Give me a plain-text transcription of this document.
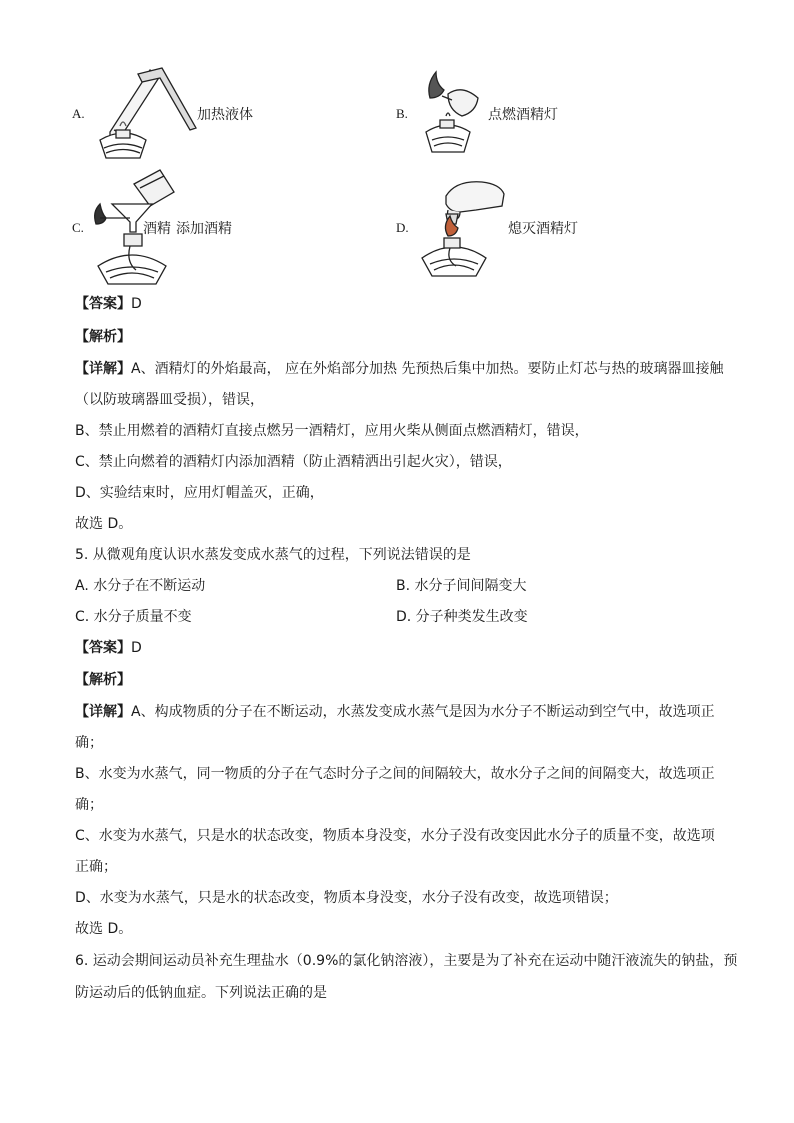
A.	加热液体	B.	点燃酒精灯
C.	酒精 添加酒精	D.	熄灭酒精灯
【答案】D
【解析】
【详解】A、酒精灯的外焰最高， 应在外焰部分加热 先预热后集中加热。要防止灯芯与热的玻璃器皿接触
（以防玻璃器皿受损），错误，
B、禁止用燃着的酒精灯直接点燃另一酒精灯，应用火柴从侧面点燃酒精灯，错误，
C、禁止向燃着的酒精灯内添加酒精（防止酒精洒出引起火灾），错误，
D、实验结束时，应用灯帽盖灭，正确，
故选 D。
5. 从微观角度认识水蒸发变成水蒸气的过程，下列说法错误的是
A. 水分子在不断运动	B. 水分子间间隔变大
C. 水分子质量不变	D. 分子种类发生改变
【答案】D
【解析】
【详解】A、构成物质的分子在不断运动，水蒸发变成水蒸气是因为水分子不断运动到空气中，故选项正
确；
B、水变为水蒸气，同一物质的分子在气态时分子之间的间隔较大，故水分子之间的间隔变大，故选项正
确；
C、水变为水蒸气，只是水的状态改变，物质本身没变，水分子没有改变因此水分子的质量不变，故选项
正确；
D、水变为水蒸气，只是水的状态改变，物质本身没变，水分子没有改变，故选项错误；
故选 D。
6. 运动会期间运动员补充生理盐水（0.9%的氯化钠溶液），主要是为了补充在运动中随汗液流失的钠盐，预
防运动后的低钠血症。下列说法正确的是
